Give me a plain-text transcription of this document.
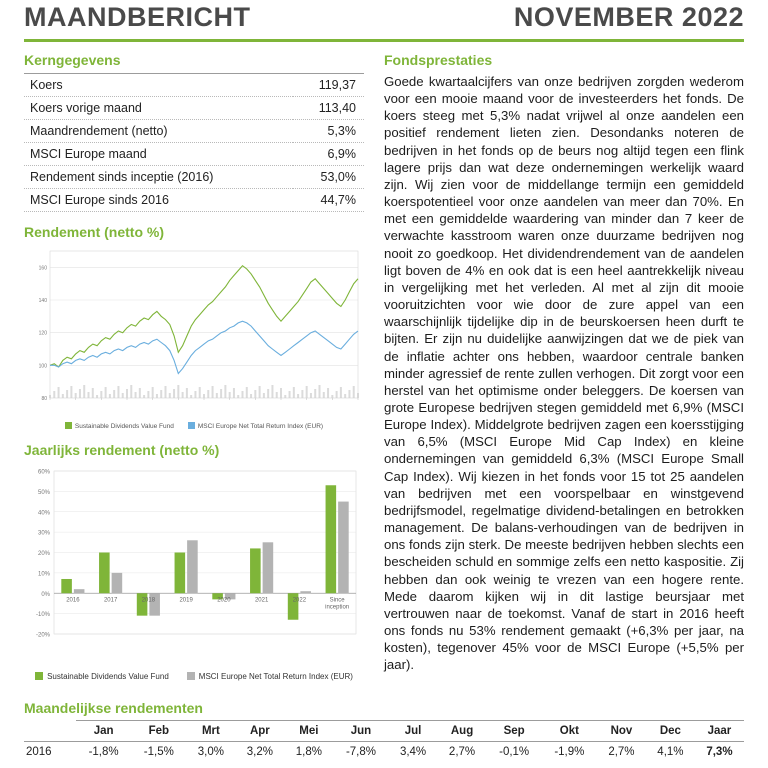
MAANDBERICHT	NOVEMBER 2022
Kerngegevens
Koers	119,37
Koers vorige maand	113,40
Maandrendement (netto)	5,3%
MSCI Europe maand	6,9%
Rendement sinds inceptie (2016)	53,0%
MSCI Europe sinds 2016	44,7%
Rendement (netto %)
80
100
120
140
160
Sustainable Dividends Value Fund	MSCI Europe Net Total Return Index (EUR)
Jaarlijks rendement (netto %)
-20%
-10%
0%
10%
20%
30%
40%
50%
60%
2016	2017	2018	2019	2020	2021	2022	Since
inception
Sustainable Dividends Value Fund	MSCI Europe Net Total Return Index (EUR)
Fondsprestaties

Goede kwartaalcijfers van onze bedrijven zorgden wederom voor een mooie maand voor de investeerders het fonds. De koers steeg met 5,3% nadat vrijwel al onze aandelen een positief rendement lieten zien. Desondanks noteren de bedrijven in het fonds op de beurs nog altijd tegen een flink lagere prijs dan wat deze ondernemingen werkelijk waard zijn. Wij zien voor de middellange termijn een gemiddeld koerspotentieel voor onze aandelen van meer dan 70%. En met een gemiddelde waardering van minder dan 7 keer de verwachte kasstroom waren onze duurzame bedrijven nog nooit zo goedkoop. Het dividendrendement van de aandelen ligt boven de 4% en ook dat is een heel aantrekkelijk niveau in vergelijking met het verleden. Al met al zijn dit mooie vooruitzichten voor wie door de zure appel van een waarschijnlijk tijdelijke dip in de beurskoersen heen durft te bijten. Er zijn nu duidelijke aanwijzingen dat we de piek van de inflatie achter ons hebben, waardoor centrale banken minder agressief de rente zullen verhogen. Dit zorgt voor een herstel van het optimisme onder beleggers. De koersen van grote Europese bedrijven stegen gemiddeld met 6,9% (MSCI Europe Index). Middelgrote bedrijven zagen een koersstijging van 6,5% (MSCI Europe Mid Cap Index) en kleine ondernemingen van gemiddeld 6,3% (MSCI Europe Small Cap Index). Wij kiezen in het fonds voor 15 tot 25 aandelen van bedrijven met een voorspelbaar en winstgevend bedrijfsmodel, regelmatige dividend-betalingen en betrokken management. De balans-verhoudingen van de bedrijven in ons fonds zijn sterk. De meeste bedrijven hebben slechts een bescheiden schuld en sommige zelfs een netto kaspositie. Zij hebben dan ook weinig te vrezen van een hogere rente. Mede daarom kijken wij in dit lastige beursjaar met vertrouwen naar de toekomst. Vanaf de start in 2016 heeft ons fonds nu 53% rendement gemaakt (+6,3% per jaar, na kosten), tegenover 45% voor de MSCI Europe (+5,5% per jaar).

Maandelijkse rendementen
	Jan	Feb	Mrt	Apr	Mei	Jun	Jul	Aug	Sep	Okt	Nov	Dec	Jaar
2016	-1,8%	-1,5%	3,0%	3,2%	1,8%	-7,8%	3,4%	2,7%	-0,1%	-1,9%	2,7%	4,1%	7,3%
